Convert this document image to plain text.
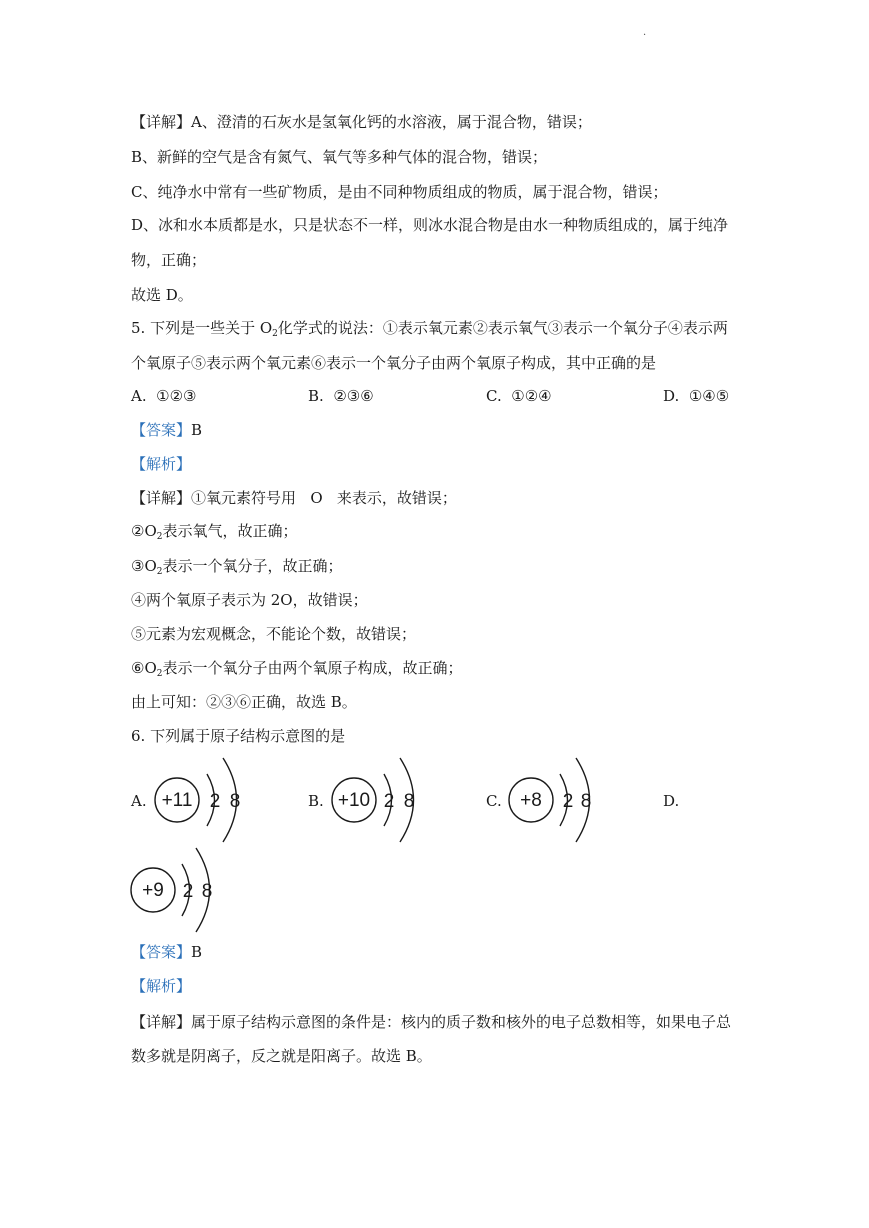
·
【详解】A、澄清的石灰水是氢氧化钙的水溶液，属于混合物，错误；
B、新鲜的空气是含有氮气、氧气等多种气体的混合物，错误；
C、纯净水中常有一些矿物质，是由不同种物质组成的物质，属于混合物，错误；
D、冰和水本质都是水，只是状态不一样，则冰水混合物是由水一种物质组成的，属于纯净
物，正确；
故选 D。
5. 下列是一些关于 $O_2$化学式的说法：①表示氧元素②表示氧气③表示一个氧分子④表示两
个氧原子⑤表示两个氧元素⑥表示一个氧分子由两个氧原子构成，其中正确的是
A. ①②③	B. ②③⑥	C. ①②④	D. ①④⑤
【答案】B
【解析】
【详解】①氧元素符号用   O   来表示，故错误；
$②O_2$表示氧气，故正确；
$③O_2$表示一个氧分子，故正确；
④两个氧原子表示为 2O，故错误；
⑤元素为宏观概念，不能论个数，故错误；
$⑥O_2$表示一个氧分子由两个氧原子构成，故正确；
由上可知：②③⑥正确，故选 B。
6. 下列属于原子结构示意图的是
A. +11 2 8	B. +10 2 8	C. +8 2 8	D.
+9 2 8
【答案】B
【解析】
【详解】属于原子结构示意图的条件是：核内的质子数和核外的电子总数相等，如果电子总
数多就是阴离子，反之就是阳离子。故选 B。
